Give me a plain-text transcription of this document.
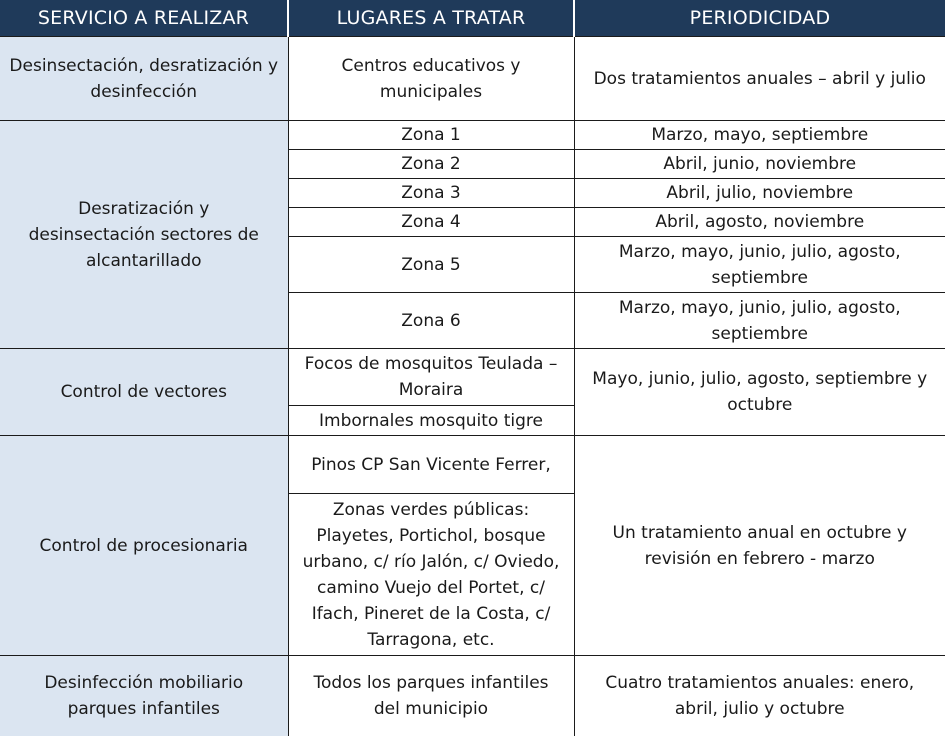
SERVICIO A REALIZAR	LUGARES A TRATAR	PERIODICIDAD
Desinsectación, desratización y desinfección	Centros educativos y municipales	Dos tratamientos anuales – abril y julio
Desratización y desinsectación sectores de alcantarillado	Zona 1	Marzo, mayo, septiembre
	Zona 2	Abril, junio, noviembre
	Zona 3	Abril, julio, noviembre
	Zona 4	Abril, agosto, noviembre
	Zona 5	Marzo, mayo, junio, julio, agosto, septiembre
	Zona 6	Marzo, mayo, junio, julio, agosto, septiembre
Control de vectores	Focos de mosquitos Teulada – Moraira	Mayo, junio, julio, agosto, septiembre y octubre
	Imbornales mosquito tigre	
Control de procesionaria	Pinos CP San Vicente Ferrer,	Un tratamiento anual en octubre y revisión en febrero - marzo
	Zonas verdes públicas: Playetes, Portichol, bosque urbano, c/ río Jalón, c/ Oviedo, camino Vuejo del Portet, c/ Ifach, Pineret de la Costa, c/ Tarragona, etc.	
Desinfección mobiliario parques infantiles	Todos los parques infantiles del municipio	Cuatro tratamientos anuales: enero, abril, julio y octubre
